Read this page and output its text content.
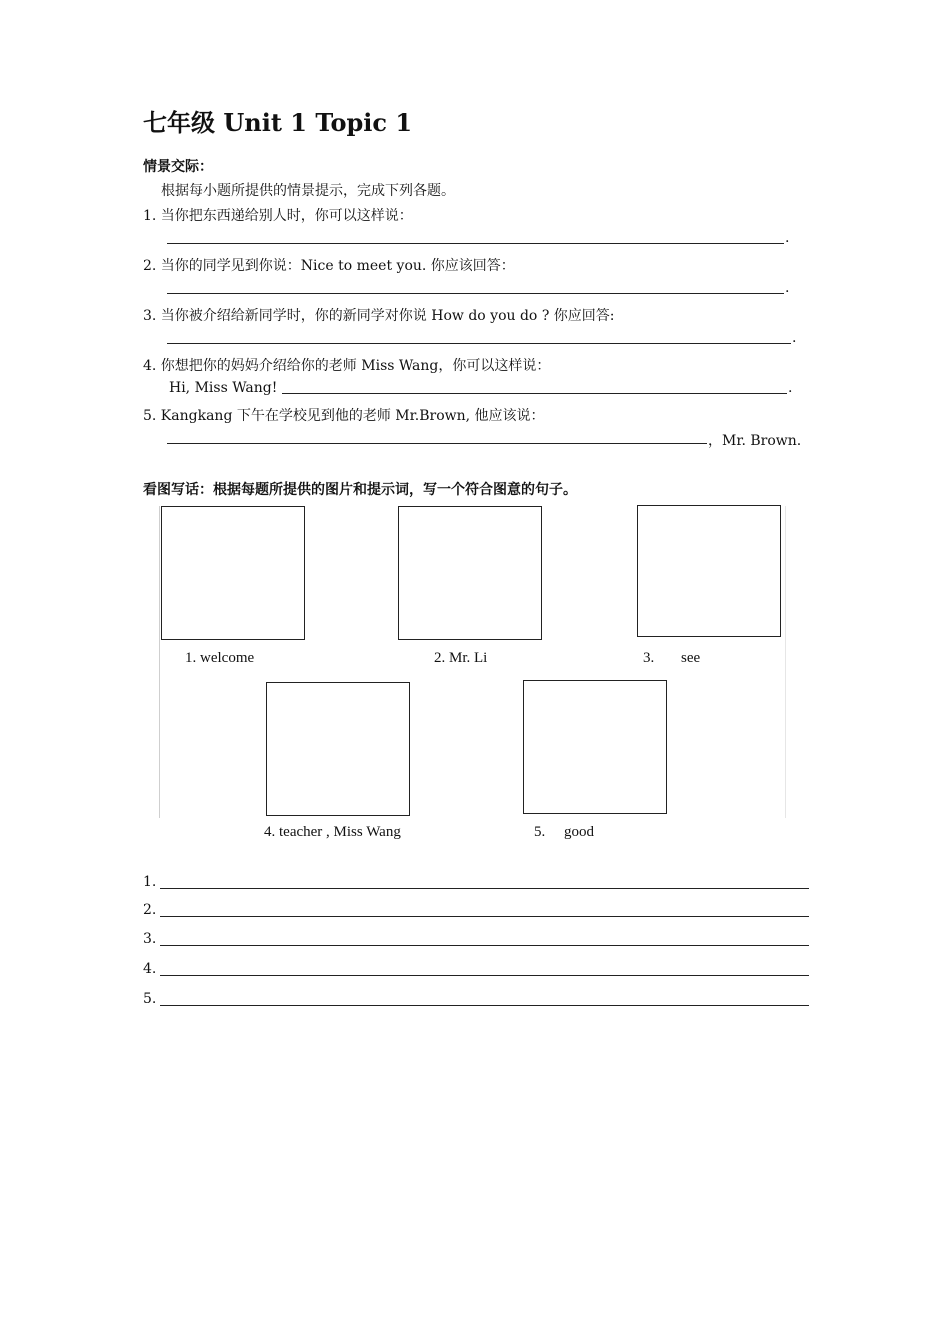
七年级 Unit 1 Topic 1
情景交际：
根据每小题所提供的情景提示，完成下列各题。
1. 当你把东西递给别人时，你可以这样说：
.
2. 当你的同学见到你说：Nice to meet you. 你应该回答：
.
3. 当你被介绍给新同学时，你的新同学对你说 How do you do ? 你应回答:
.
4. 你想把你的妈妈介绍给你的老师 Miss Wang，你可以这样说：
Hi, Miss Wang!	.
5. Kangkang 下午在学校见到他的老师 Mr.Brown, 他应该说：
，Mr. Brown.
看图写话：根据每题所提供的图片和提示词，写一个符合图意的句子。
1. welcome	2. Mr. Li	3. see
4. teacher , Miss Wang	5. good
1.
2.
3.
4.
5.
